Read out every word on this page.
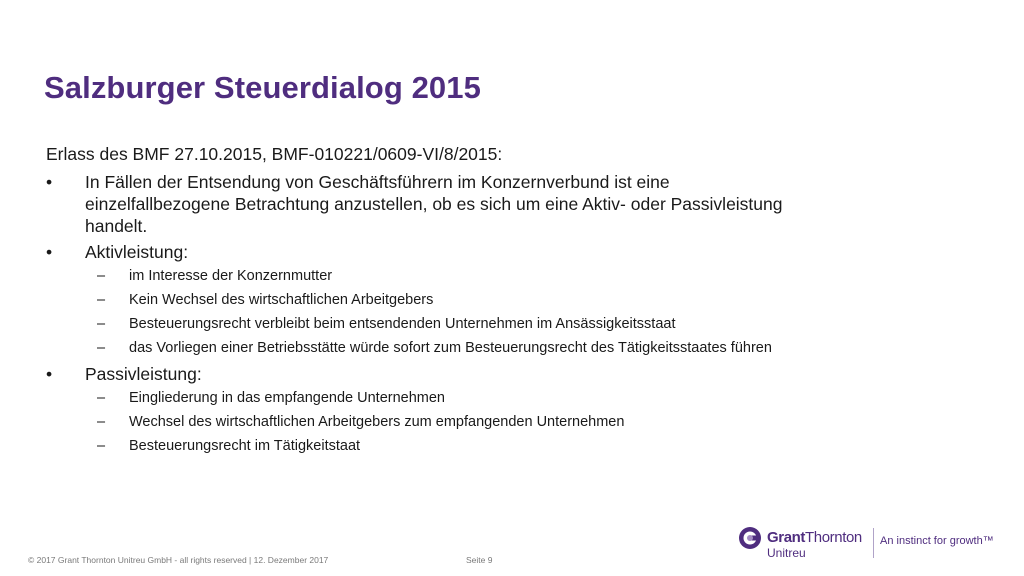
Salzburger Steuerdialog 2015
Erlass des BMF 27.10.2015, BMF-010221/0609-VI/8/2015:
• In Fällen der Entsendung von Geschäftsführern im Konzernverbund ist eine einzelfallbezogene Betrachtung anzustellen, ob es sich um eine Aktiv- oder Passivleistung handelt.
• Aktivleistung:
– im Interesse der Konzernmutter
– Kein Wechsel des wirtschaftlichen Arbeitgebers
– Besteuerungsrecht verbleibt beim entsendenden Unternehmen im Ansässigkeitsstaat
– das Vorliegen einer Betriebsstätte würde sofort zum Besteuerungsrecht des Tätigkeitsstaates führen
• Passivleistung:
– Eingliederung in das empfangende Unternehmen
– Wechsel des wirtschaftlichen Arbeitgebers zum empfangenden Unternehmen
– Besteuerungsrecht im Tätigkeitstaat
© 2017 Grant Thornton Unitreu GmbH - all rights reserved | 12. Dezember 2017	Seite 9
GrantThornton
Unitreu
An instinct for growth™
